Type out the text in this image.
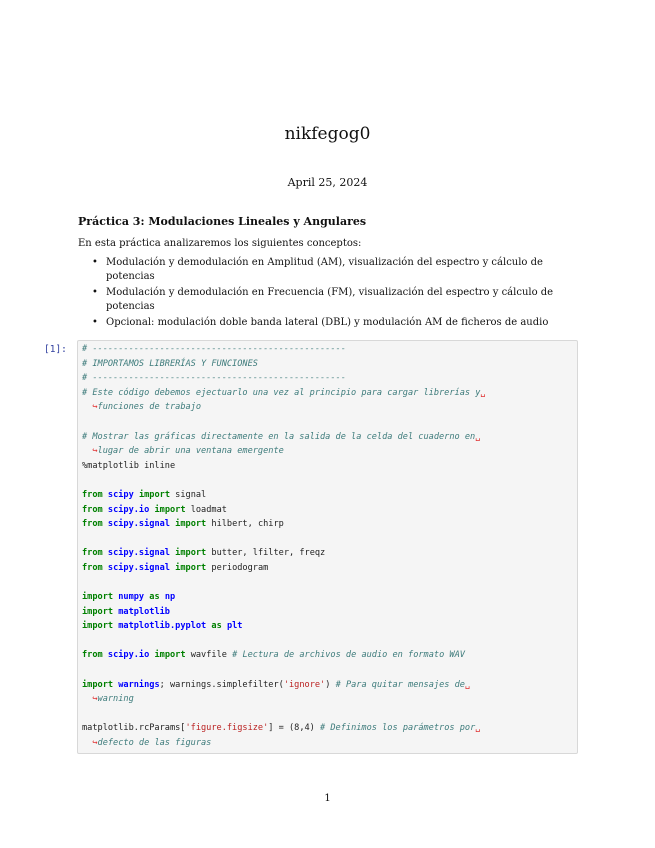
nikfegog0
April 25, 2024
Práctica 3: Modulaciones Lineales y Angulares
En esta práctica analizaremos los siguientes conceptos:
• Modulación y demodulación en Amplitud (AM), visualización del espectro y cálculo de potencias
• Modulación y demodulación en Frecuencia (FM), visualización del espectro y cálculo de potencias
• Opcional: modulación doble banda lateral (DBL) y modulación AM de ficheros de audio
[1]: # -------------------------------------------------
# IMPORTAMOS LIBRERÍAS Y FUNCIONES
# -------------------------------------------------
# Este código debemos ejectuarlo una vez al principio para cargar librerías y␣
↪funciones de trabajo

# Mostrar las gráficas directamente en la salida de la celda del cuaderno en␣
↪lugar de abrir una ventana emergente
%matplotlib inline

from scipy import signal
from scipy.io import loadmat
from scipy.signal import hilbert, chirp

from scipy.signal import butter, lfilter, freqz
from scipy.signal import periodogram

import numpy as np
import matplotlib
import matplotlib.pyplot as plt

from scipy.io import wavfile # Lectura de archivos de audio en formato WAV

import warnings; warnings.simplefilter('ignore') # Para quitar mensajes de␣
↪warning

matplotlib.rcParams['figure.figsize'] = (8,4) # Definimos los parámetros por␣
↪defecto de las figuras
1
